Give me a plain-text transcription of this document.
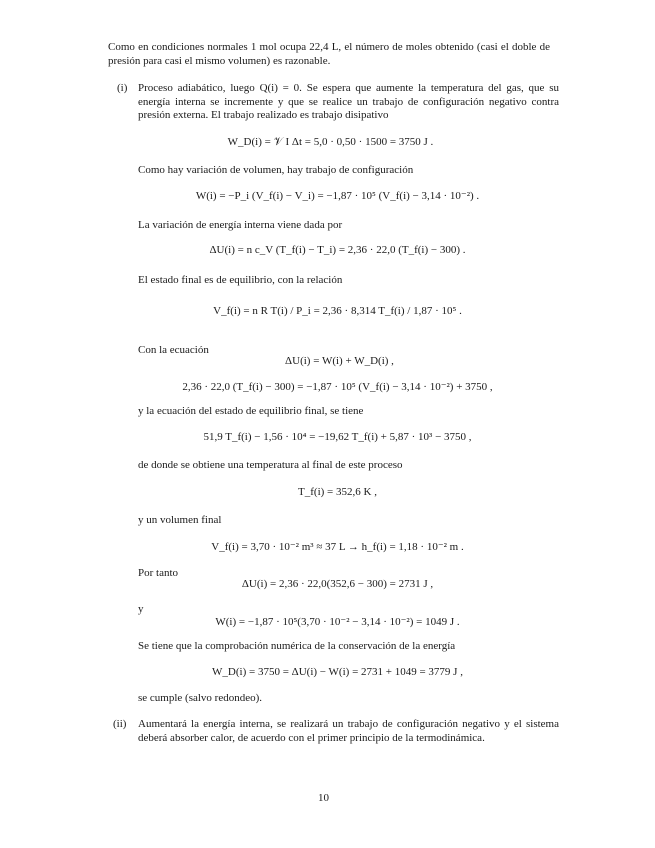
Como en condiciones normales 1 mol ocupa 22,4 L, el número de moles obtenido (casi el doble de presión para casi el mismo volumen) es razonable.
(i) Proceso adiabático, luego Q(i) = 0. Se espera que aumente la temperatura del gas, que su energía interna se incremente y que se realice un trabajo de configuración negativo contra presión externa. El trabajo realizado es trabajo disipativo
W_D(i) = 𝒱 I Δt = 5,0 · 0,50 · 1500 = 3750 J .
Como hay variación de volumen, hay trabajo de configuración
W(i) = −P_i (V_f(i) − V_i) = −1,87 · 10⁵ (V_f(i) − 3,14 · 10⁻²) .
La variación de energía interna viene dada por
ΔU(i) = n c_V (T_f(i) − T_i) = 2,36 · 22,0 (T_f(i) − 300) .
El estado final es de equilibrio, con la relación
V_f(i) = n R T(i) / P_i = 2,36 · 8,314 T_f(i) / 1,87 · 10⁵ .
Con la ecuación
ΔU(i) = W(i) + W_D(i) ,
2,36 · 22,0 (T_f(i) − 300) = −1,87 · 10⁵ (V_f(i) − 3,14 · 10⁻²) + 3750 ,
y la ecuación del estado de equilibrio final, se tiene
51,9 T_f(i) − 1,56 · 10⁴ = −19,62 T_f(i) + 5,87 · 10³ − 3750 ,
de donde se obtiene una temperatura al final de este proceso
T_f(i) = 352,6 K ,
y un volumen final
V_f(i) = 3,70 · 10⁻² m³ ≈ 37 L → h_f(i) = 1,18 · 10⁻² m .
Por tanto
ΔU(i) = 2,36 · 22,0(352,6 − 300) = 2731 J ,
y
W(i) = −1,87 · 10⁵(3,70 · 10⁻² − 3,14 · 10⁻²) = 1049 J .
Se tiene que la comprobación numérica de la conservación de la energía
W_D(i) = 3750 = ΔU(i) − W(i) = 2731 + 1049 = 3779 J ,
se cumple (salvo redondeo).
(ii) Aumentará la energía interna, se realizará un trabajo de configuración negativo y el sistema deberá absorber calor, de acuerdo con el primer principio de la termodinámica.
10
